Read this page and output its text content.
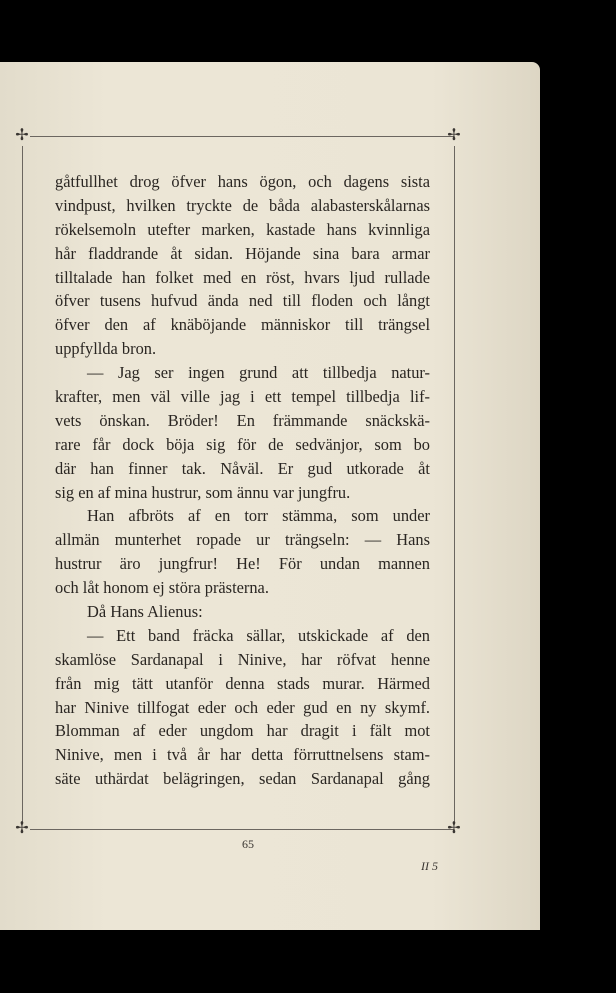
✢	✢
✢	✢
gåtfullhet drog öfver hans ögon, och dagens sista
vindpust, hvilken tryckte de båda alabasterskålarnas
rökelsemoln utefter marken, kastade hans kvinnliga
hår fladdrande åt sidan. Höjande sina bara armar
tilltalade han folket med en röst, hvars ljud rullade
öfver tusens hufvud ända ned till floden och långt
öfver den af knäböjande människor till trängsel
uppfyllda bron.
— Jag ser ingen grund att tillbedja natur-
krafter, men väl ville jag i ett tempel tillbedja lif-
vets önskan. Bröder! En främmande snäckskä-
rare får dock böja sig för de sedvänjor, som bo
där han finner tak. Nåväl. Er gud utkorade åt
sig en af mina hustrur, som ännu var jungfru.
Han afbröts af en torr stämma, som under
allmän munterhet ropade ur trängseln: — Hans
hustrur äro jungfrur! He! För undan mannen
och låt honom ej störa prästerna.
Då Hans Alienus:
— Ett band fräcka sällar, utskickade af den
skamlöse Sardanapal i Ninive, har röfvat henne
från mig tätt utanför denna stads murar. Härmed
har Ninive tillfogat eder och eder gud en ny skymf.
Blomman af eder ungdom har dragit i fält mot
Ninive, men i två år har detta förruttnelsens stam-
säte uthärdat belägringen, sedan Sardanapal gång
65
II 5
